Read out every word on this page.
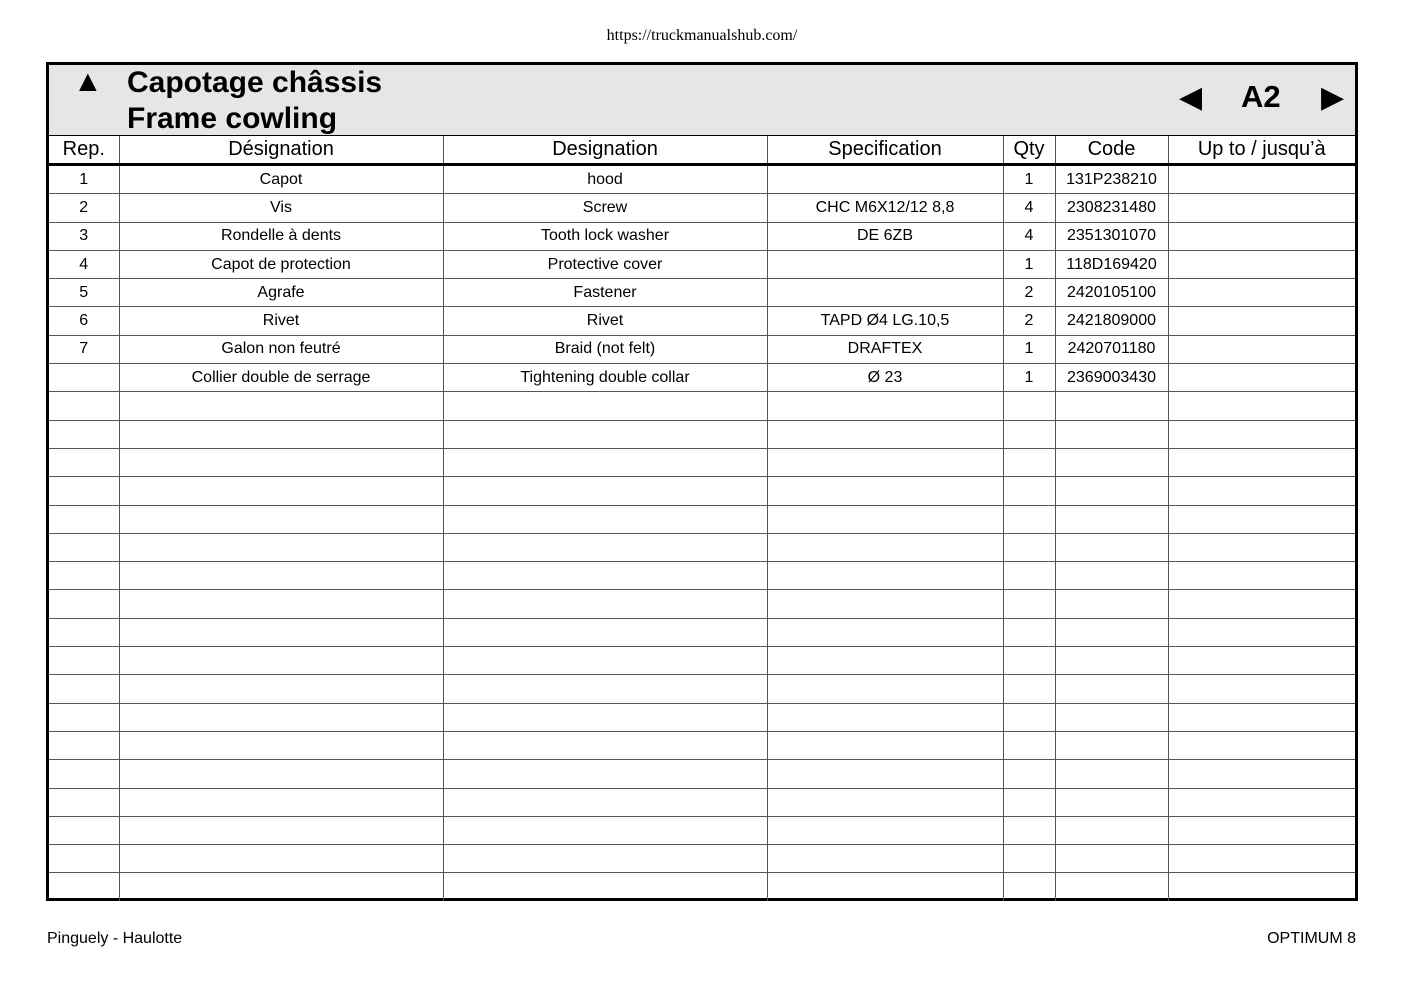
https://truckmanualshub.com/
▲ Capotage châssis
Frame cowling
◀ A2 ▶
Rep.	Désignation	Designation	Specification	Qty	Code	Up to / jusqu’à
1	Capot	hood		1	131P238210	
2	Vis	Screw	CHC M6X12/12 8,8	4	2308231480	
3	Rondelle à dents	Tooth lock washer	DE 6ZB	4	2351301070	
4	Capot de protection	Protective cover		1	118D169420	
5	Agrafe	Fastener		2	2420105100	
6	Rivet	Rivet	TAPD Ø4 LG.10,5	2	2421809000	
7	Galon non feutré	Braid (not felt)	DRAFTEX	1	2420701180	
	Collier double de serrage	Tightening double collar	Ø 23	1	2369003430	

Pinguely - Haulotte	OPTIMUM 8
